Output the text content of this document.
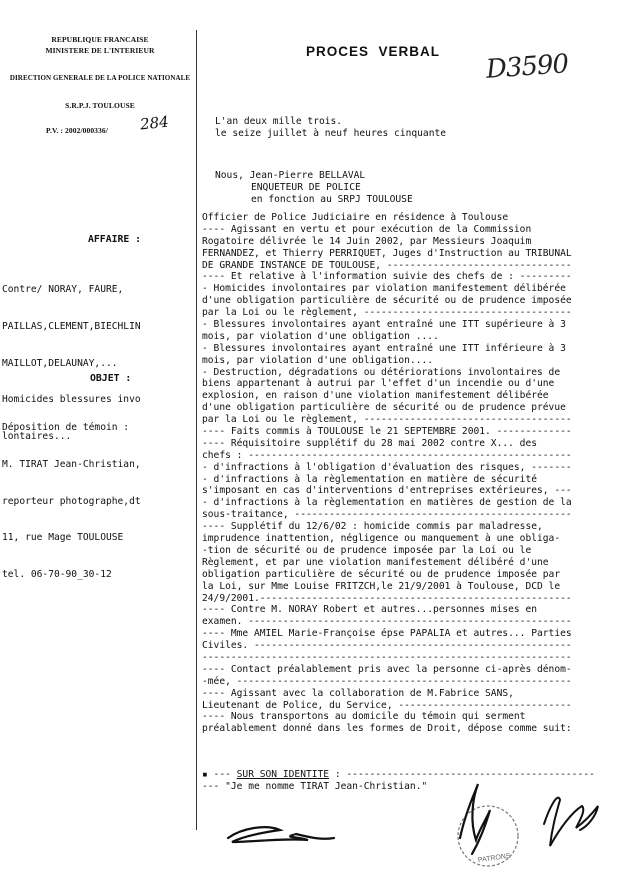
REPUBLIQUE FRANCAISE
MINISTERE DE L'INTERIEUR
DIRECTION GENERALE DE LA POLICE NATIONALE
S.R.P.J. TOULOUSE
P.V. : 2002/000336/	284
PROCES  VERBAL D3590
AFFAIRE :

Contre/ NORAY, FAURE,

PAILLAS,CLEMENT,BIECHLIN

MAILLOT,DELAUNAY,...

Homicides blessures invo

lontaires...

OBJET :

Déposition de témoin :

M. TIRAT Jean-Christian,

reporteur photographe,dt

11, rue Mage TOULOUSE

tel. 06-70-90_30-12

L'an deux mille trois.
le seize juillet à neuf heures cinquante
Nous, Jean-Pierre BELLAVAL
ENQUETEUR DE POLICE
en fonction au SRPJ TOULOUSE
Officier de Police Judiciaire en résidence à Toulouse
---- Agissant en vertu et pour exécution de la Commission
Rogatoire délivrée le 14 Juin 2002, par Messieurs Joaquim
FERNANDEZ, et Thierry PERRIQUET, Juges d'Instruction au TRIBUNAL
DE GRANDE INSTANCE DE TOULOUSE, --------------------------------
---- Et relative à l'information suivie des chefs de : ---------
- Homicides involontaires par violation manifestement délibérée
d'une obligation particulière de sécurité ou de prudence imposée
par la Loi ou le règlement, ------------------------------------
- Blessures involontaires ayant entraîné une ITT supérieure à 3
mois, par violation d'une obligation ....
- Blessures involontaires ayant entraîné une ITT inférieure à 3
mois, par violation d'une obligation....
- Destruction, dégradations ou détériorations involontaires de
biens appartenant à autrui par l'effet d'un incendie ou d'une
explosion, en raison d'une violation manifestement délibérée
d'une obligation particulière de sécurité ou de prudence prévue
par la Loi ou le règlement, ------------------------------------
---- Faits commis à TOULOUSE le 21 SEPTEMBRE 2001. -------------
---- Réquisitoire supplétif du 28 mai 2002 contre X... des
chefs : --------------------------------------------------------
- d'infractions à l'obligation d'évaluation des risques, -------
- d'infractions à la règlementation en matière de sécurité
s'imposant en cas d'interventions d'entreprises extérieures, ---
- d'infractions à la règlementation en matières de gestion de la
sous-traitance, ------------------------------------------------
---- Supplétif du 12/6/02 : homicide commis par maladresse,
imprudence inattention, négligence ou manquement à une obliga-
-tion de sécurité ou de prudence imposée par la Loi ou le
Règlement, et par une violation manifestement délibéré d'une
obligation particulière de sécurité ou de prudence imposée par
la Loi, sur Mme Louise FRITZCH,le 21/9/2001 à Toulouse, DCD le
24/9/2001.------------------------------------------------------
---- Contre M. NORAY Robert et autres...personnes mises en
examen. --------------------------------------------------------
---- Mme AMIEL Marie-Françoise épse PAPALIA et autres... Parties
Civiles. -------------------------------------------------------
----------------------------------------------------------------
---- Contact préalablement pris avec la personne ci-après dénom-
-mée, ----------------------------------------------------------
---- Agissant avec la collaboration de M.Fabrice SANS,
Lieutenant de Police, du Service, ------------------------------
---- Nous transportons au domicile du témoin qui serment
préalablement donné dans les formes de Droit, dépose comme suit:
▪ --- SUR SON IDENTITE : -------------------------------------------
--- "Je me nomme TIRAT Jean-Christian."
PATRONS
